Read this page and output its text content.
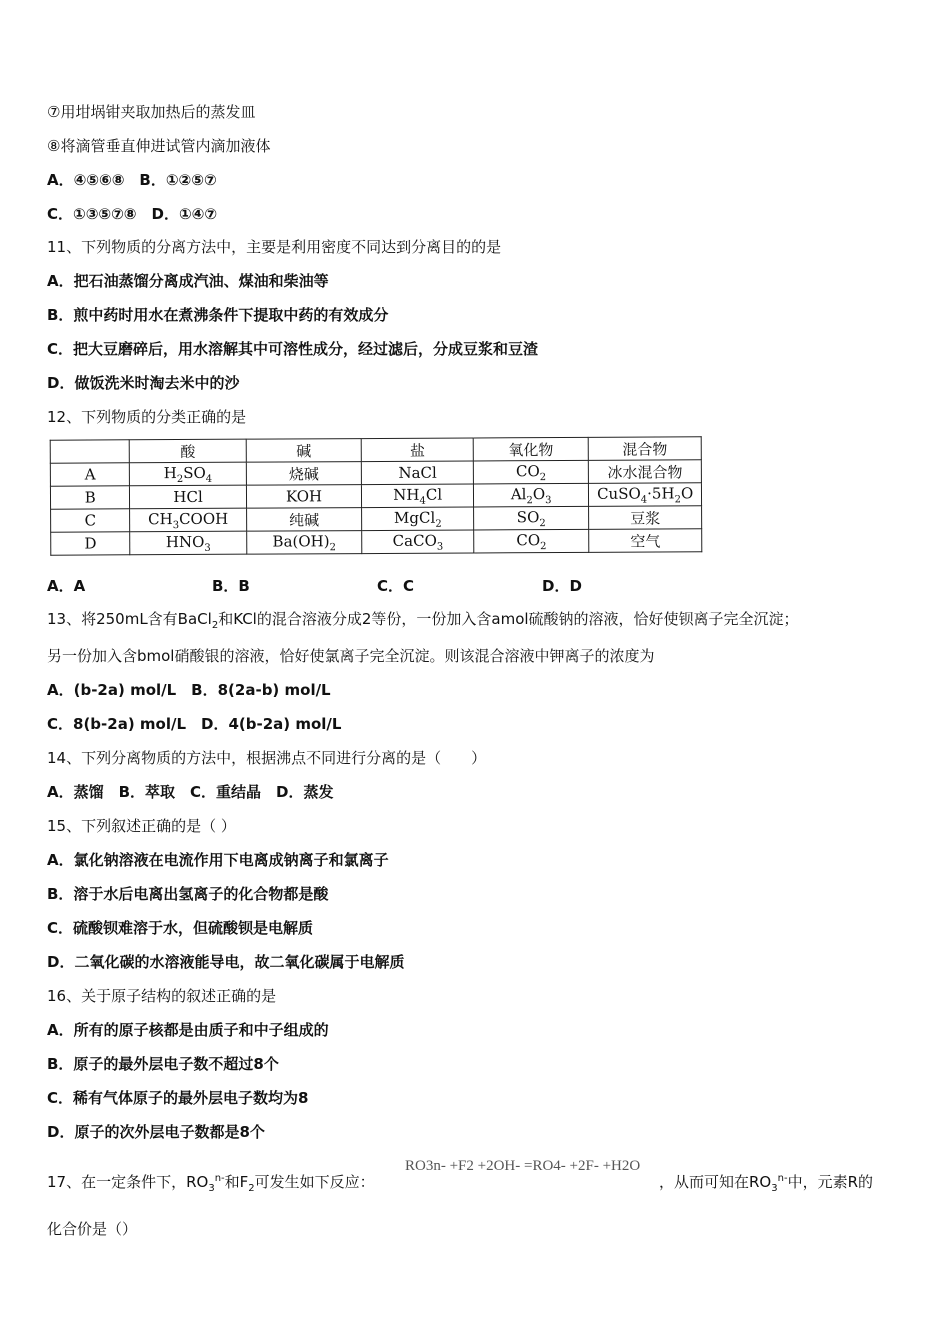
⑦用坩埚钳夹取加热后的蒸发皿
⑧将滴管垂直伸进试管内滴加液体
A．④⑤⑥⑧　B．①②⑤⑦
C．①③⑤⑦⑧　D．①④⑦
11、下列物质的分离方法中，主要是利用密度不同达到分离目的的是
A．把石油蒸馏分离成汽油、煤油和柴油等
B．煎中药时用水在煮沸条件下提取中药的有效成分
C．把大豆磨碎后，用水溶解其中可溶性成分，经过滤后，分成豆浆和豆渣
D．做饭洗米时淘去米中的沙
12、下列物质的分类正确的是
	酸	碱	盐	氧化物	混合物
A	$H_2SO_4$	烧碱	NaCl	$CO_2$	冰水混合物
B	HCl	KOH	$NH_4Cl$	$Al_2O_3$	$CuSO_4\cdot 5H_2O$
C	$CH_3COOH$	纯碱	MgCl$_2$	$SO_2$	豆浆
D	$HNO_3$	$Ba(OH)_2$	CaCO$_3$	$CO_2$	空气
A．A	B．B	C．C	D．D
13、将250mL含有BaCl$_2$和KCl的混合溶液分成2等份，一份加入含amol硫酸钠的溶液，恰好使钡离子完全沉淀；
另一份加入含bmol硝酸银的溶液，恰好使氯离子完全沉淀。则该混合溶液中钾离子的浓度为
A．(b-2a) mol/L　B．8(2a-b) mol/L
C．8(b-2a) mol/L　D．4(b-2a) mol/L
14、下列分离物质的方法中，根据沸点不同进行分离的是（　　）
A．蒸馏　B．萃取　C．重结晶　D．蒸发
15、下列叙述正确的是（ ）
A．氯化钠溶液在电流作用下电离成钠离子和氯离子
B．溶于水后电离出氢离子的化合物都是酸
C．硫酸钡难溶于水，但硫酸钡是电解质
D．二氧化碳的水溶液能导电，故二氧化碳属于电解质
16、关于原子结构的叙述正确的是
A．所有的原子核都是由质子和中子组成的
B．原子的最外层电子数不超过8个
C．稀有气体原子的最外层电子数均为8
D．原子的次外层电子数都是8个
17、在一定条件下，$RO_3^{n-}$和$F_2$可发生如下反应：
RO3n- +F2 +2OH- =RO4- +2F- +H2O
，从而可知在$RO_3^{n-}$中，元素R的
化合价是（）
